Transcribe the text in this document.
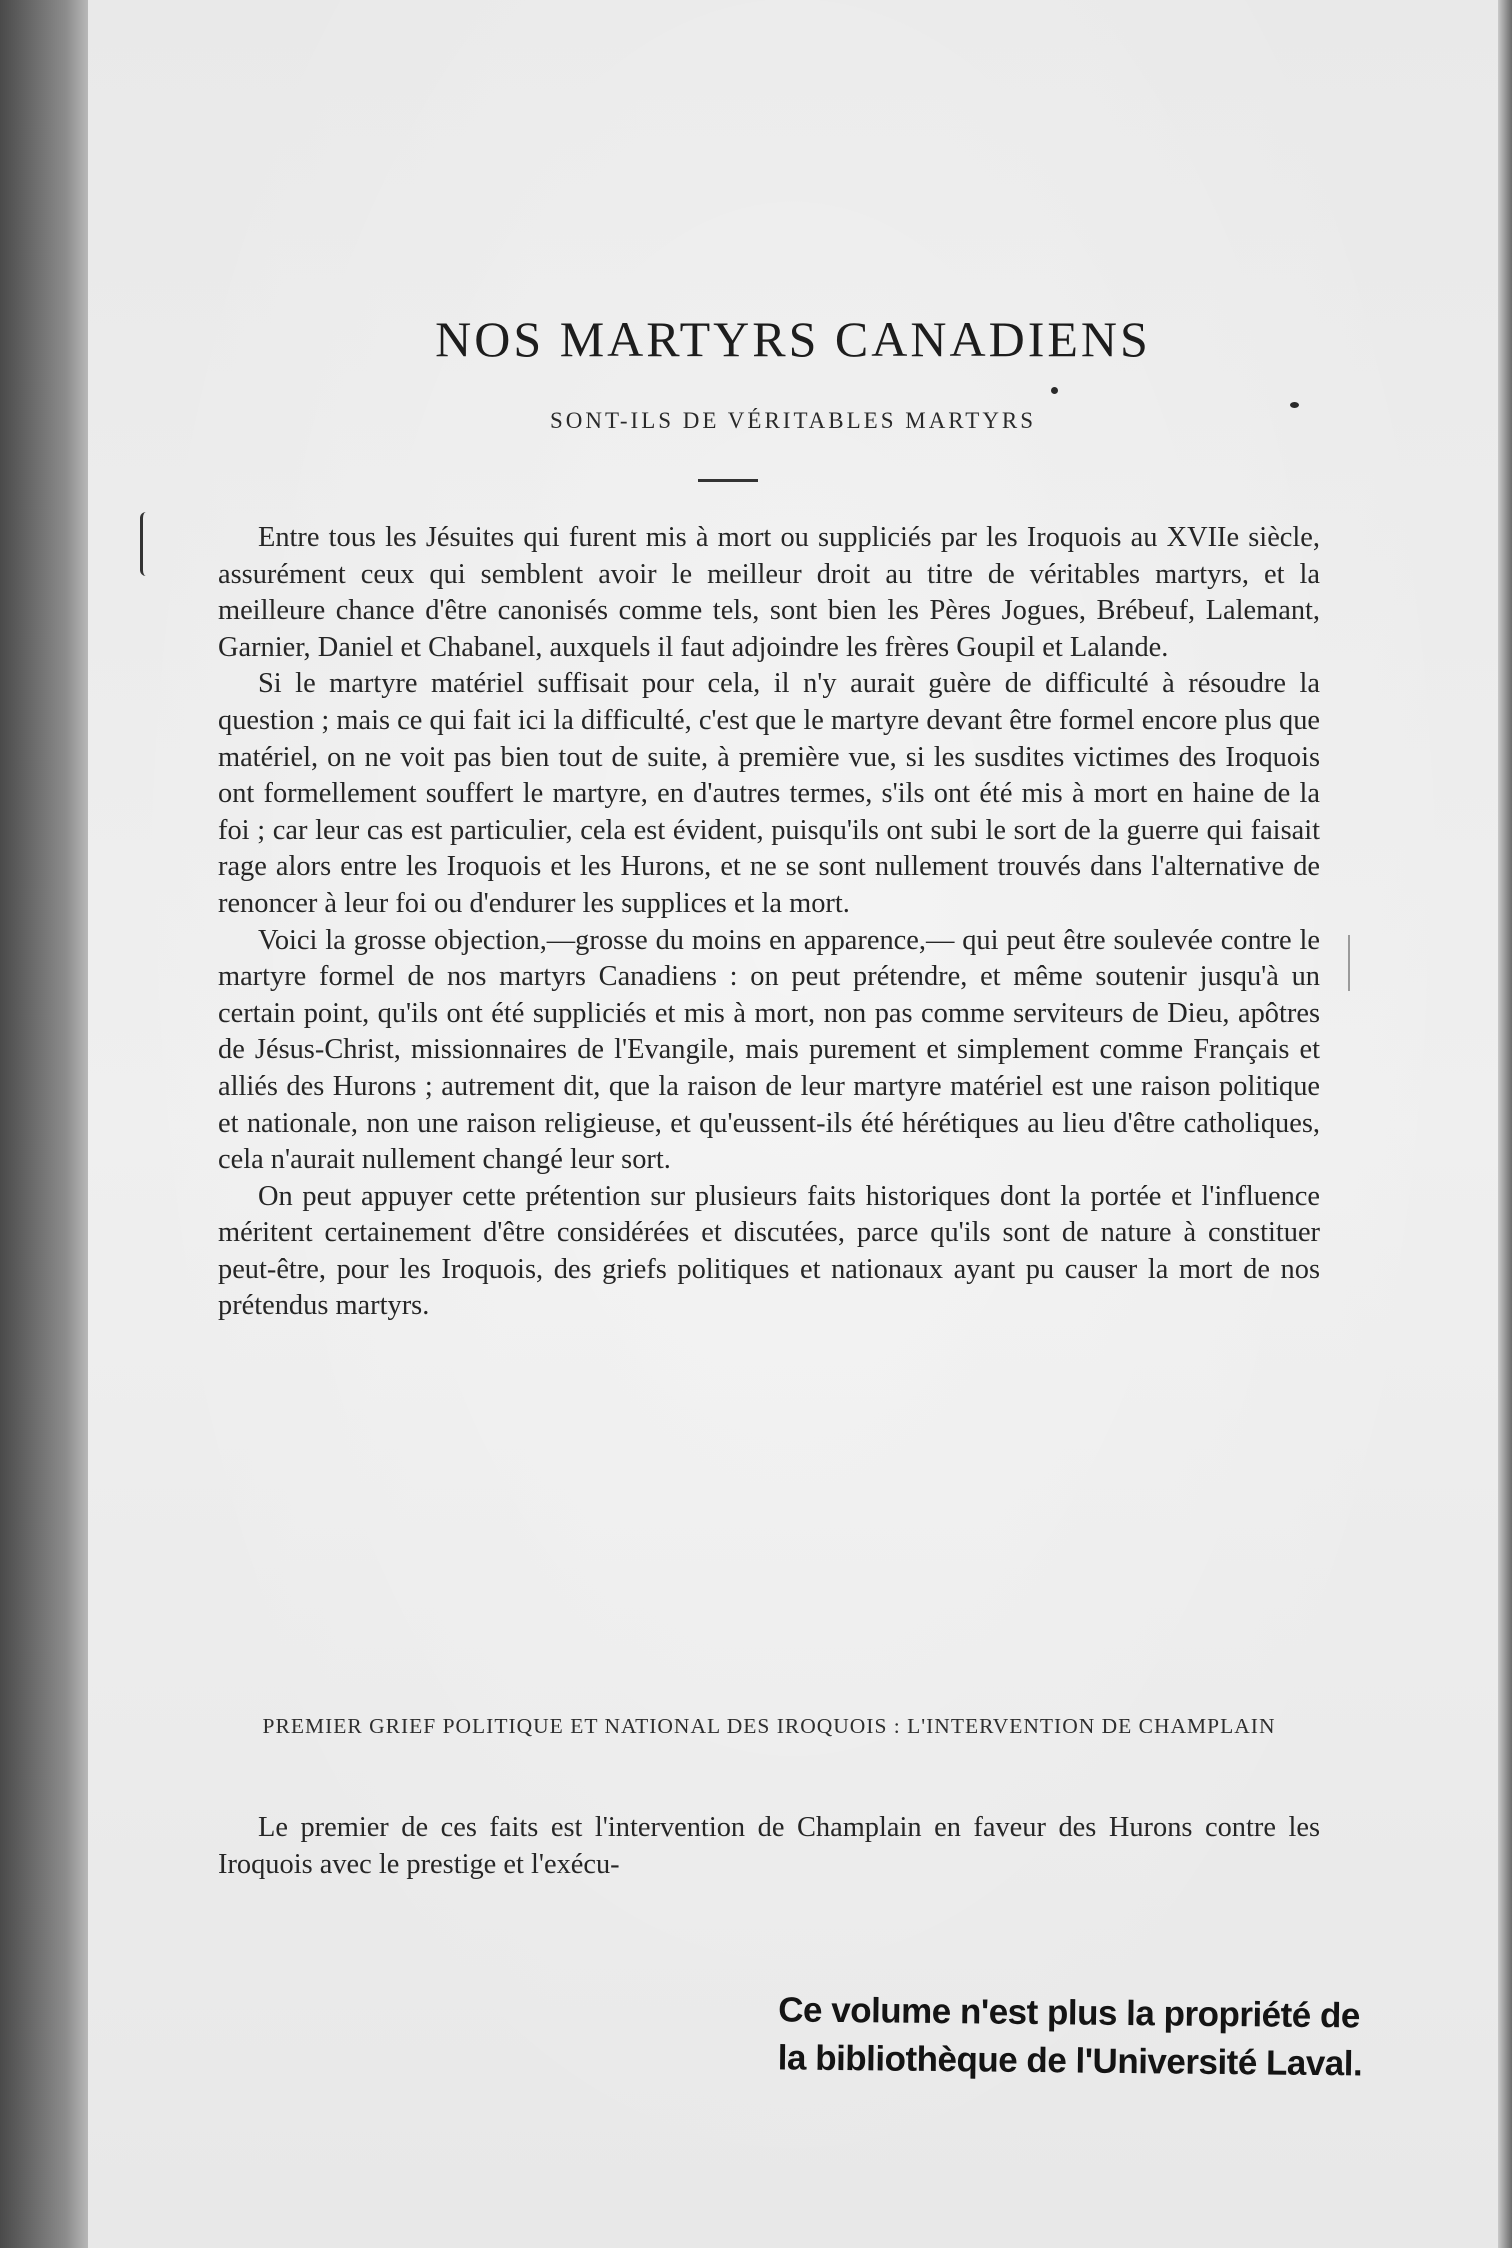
NOS MARTYRS CANADIENS
SONT-ILS DE VÉRITABLES MARTYRS

Entre tous les Jésuites qui furent mis à mort ou suppliciés par les Iroquois au XVIIe siècle, assurément ceux qui semblent avoir le meilleur droit au titre de véritables martyrs, et la meilleure chance d'être canonisés comme tels, sont bien les Pères Jogues, Brébeuf, Lalemant, Garnier, Daniel et Chabanel, auxquels il faut adjoindre les frères Goupil et Lalande.

Si le martyre matériel suffisait pour cela, il n'y aurait guère de difficulté à résoudre la question ; mais ce qui fait ici la difficulté, c'est que le martyre devant être formel encore plus que matériel, on ne voit pas bien tout de suite, à première vue, si les susdites victimes des Iroquois ont formellement souffert le martyre, en d'autres termes, s'ils ont été mis à mort en haine de la foi ; car leur cas est particulier, cela est évident, puisqu'ils ont subi le sort de la guerre qui faisait rage alors entre les Iroquois et les Hurons, et ne se sont nullement trouvés dans l'alternative de renoncer à leur foi ou d'endurer les supplices et la mort.

Voici la grosse objection,—grosse du moins en apparence,— qui peut être soulevée contre le martyre formel de nos martyrs Canadiens : on peut prétendre, et même soutenir jusqu'à un certain point, qu'ils ont été suppliciés et mis à mort, non pas comme serviteurs de Dieu, apôtres de Jésus-Christ, missionnaires de l'Evangile, mais purement et simplement comme Français et alliés des Hurons ; autrement dit, que la raison de leur martyre matériel est une raison politique et nationale, non une raison religieuse, et qu'eussent-ils été hérétiques au lieu d'être catholiques, cela n'aurait nullement changé leur sort.

On peut appuyer cette prétention sur plusieurs faits historiques dont la portée et l'influence méritent certainement d'être considérées et discutées, parce qu'ils sont de nature à constituer peut-être, pour les Iroquois, des griefs politiques et nationaux ayant pu causer la mort de nos prétendus martyrs.

PREMIER GRIEF POLITIQUE ET NATIONAL DES IROQUOIS : L'INTERVENTION DE CHAMPLAIN

Le premier de ces faits est l'intervention de Champlain en faveur des Hurons contre les Iroquois avec le prestige et l'exécu-

Ce volume n'est plus la propriété de
la bibliothèque de l'Université Laval.
